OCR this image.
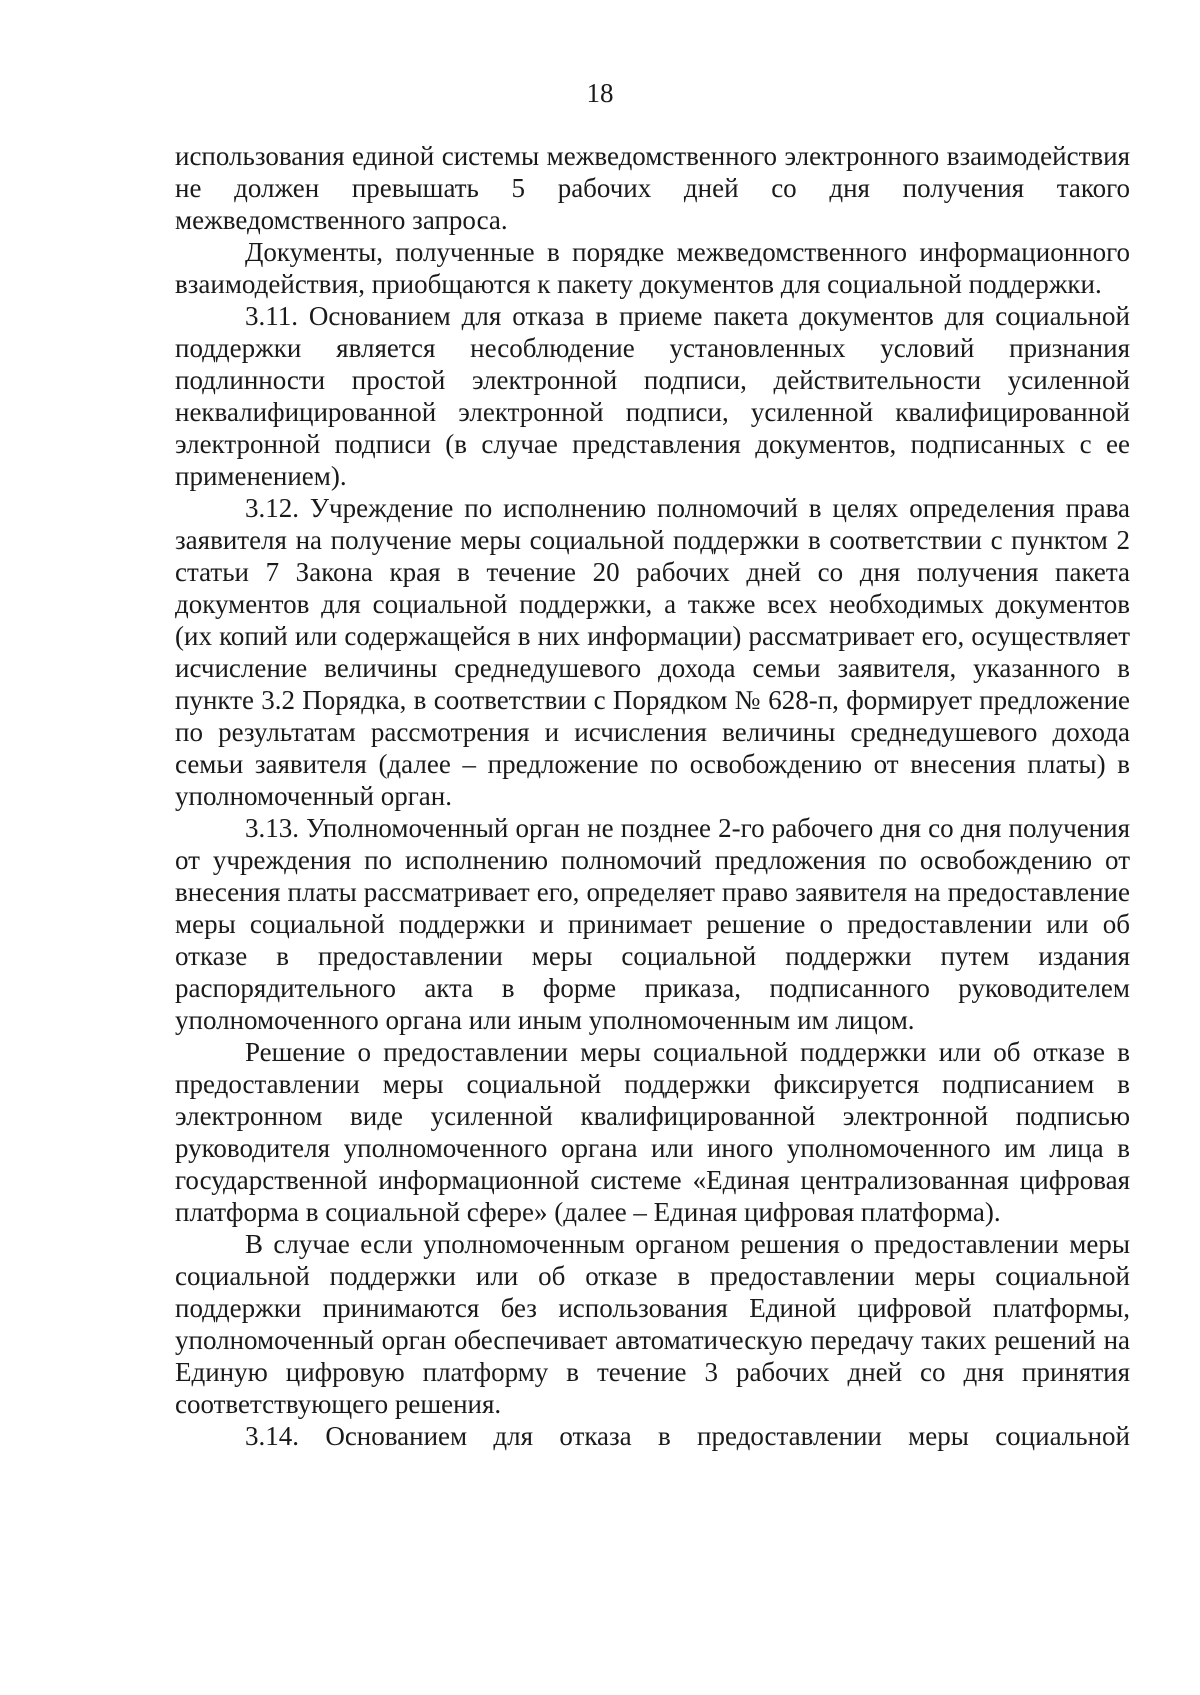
18

использования единой системы межведомственного электронного взаимодействия не должен превышать 5 рабочих дней со дня получения такого межведомственного запроса.

Документы, полученные в порядке межведомственного информационного взаимодействия, приобщаются к пакету документов для социальной поддержки.

3.11. Основанием для отказа в приеме пакета документов для социальной поддержки является несоблюдение установленных условий признания подлинности простой электронной подписи, действительности усиленной неквалифицированной электронной подписи, усиленной квалифицированной электронной подписи (в случае представления документов, подписанных с ее применением).

3.12. Учреждение по исполнению полномочий в целях определения права заявителя на получение меры социальной поддержки в соответствии с пунктом 2 статьи 7 Закона края в течение 20 рабочих дней со дня получения пакета документов для социальной поддержки, а также всех необходимых документов (их копий или содержащейся в них информации) рассматривает его, осуществляет исчисление величины среднедушевого дохода семьи заявителя, указанного в пункте 3.2 Порядка, в соответствии с Порядком № 628-п, формирует предложение по результатам рассмотрения и исчисления величины среднедушевого дохода семьи заявителя (далее – предложение по освобождению от внесения платы) в уполномоченный орган.

3.13. Уполномоченный орган не позднее 2-го рабочего дня со дня получения от учреждения по исполнению полномочий предложения по освобождению от внесения платы рассматривает его, определяет право заявителя на предоставление меры социальной поддержки и принимает решение о предоставлении или об отказе в предоставлении меры социальной поддержки путем издания распорядительного акта в форме приказа, подписанного руководителем уполномоченного органа или иным уполномоченным им лицом.

Решение о предоставлении меры социальной поддержки или об отказе в предоставлении меры социальной поддержки фиксируется подписанием в электронном виде усиленной квалифицированной электронной подписью руководителя уполномоченного органа или иного уполномоченного им лица в государственной информационной системе «Единая централизованная цифровая платформа в социальной сфере» (далее – Единая цифровая платформа).

В случае если уполномоченным органом решения о предоставлении меры социальной поддержки или об отказе в предоставлении меры социальной поддержки принимаются без использования Единой цифровой платформы, уполномоченный орган обеспечивает автоматическую передачу таких решений на Единую цифровую платформу в течение 3 рабочих дней со дня принятия соответствующего решения.

3.14. Основанием для отказа в предоставлении меры социальной
